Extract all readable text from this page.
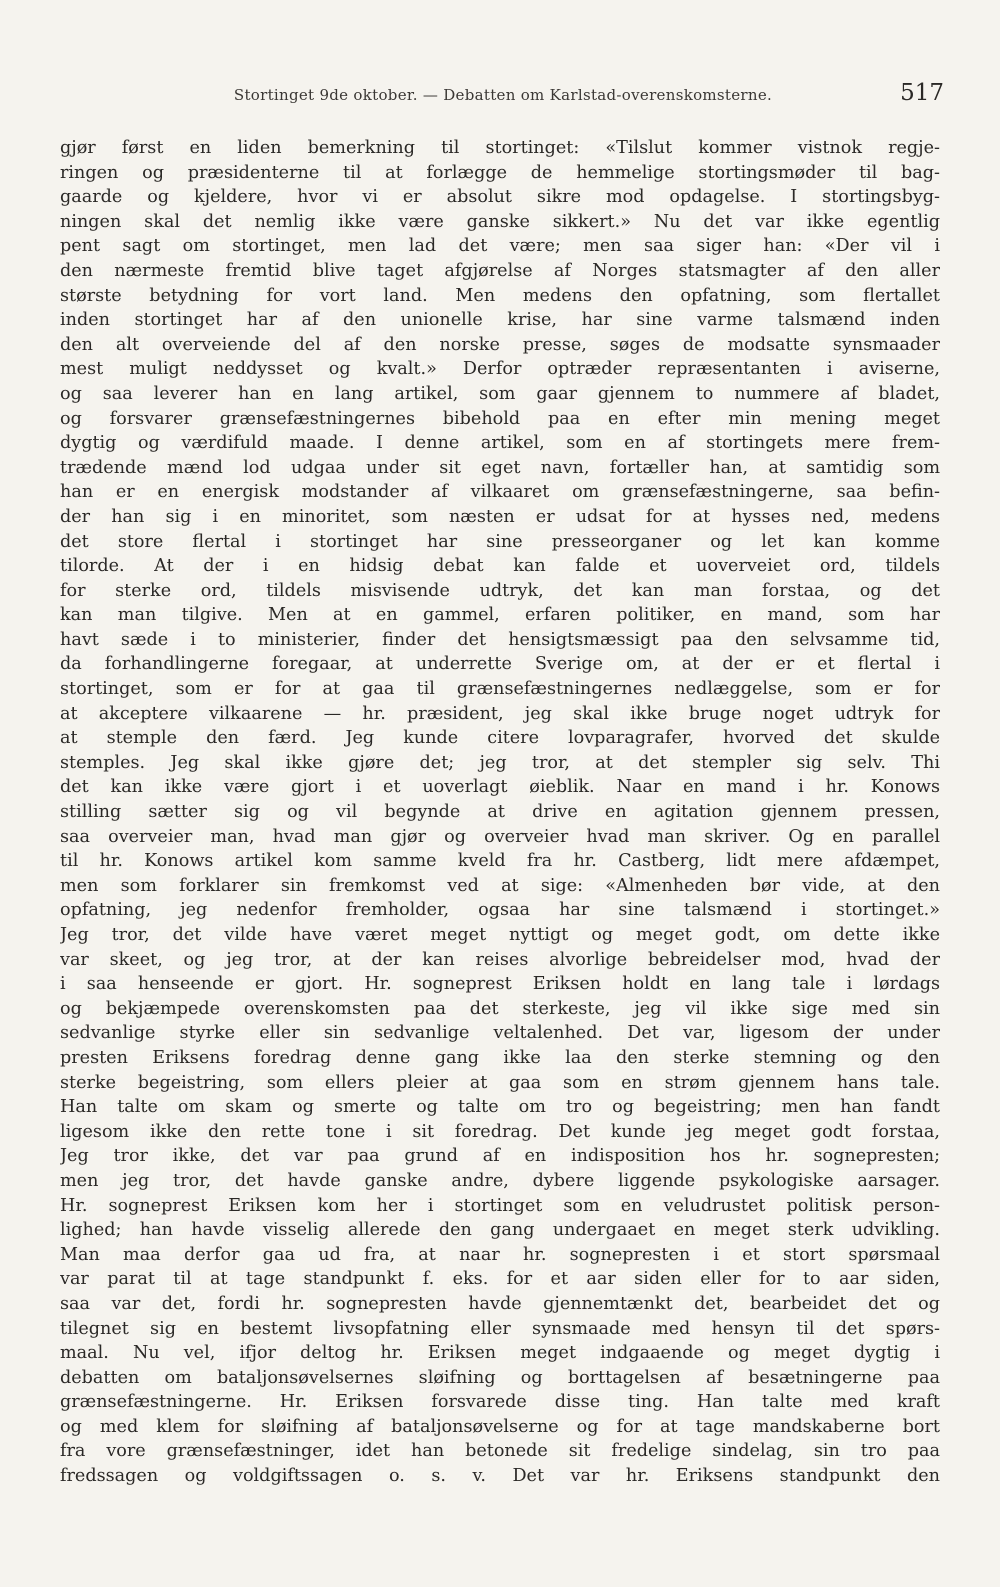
Stortinget 9de oktober. — Debatten om Karlstad-overenskomsterne.	517
gjør først en liden bemerkning til stortinget: «Tilslut kommer vistnok regje-
ringen og præsidenterne til at forlægge de hemmelige stortingsmøder til bag-
gaarde og kjeldere, hvor vi er absolut sikre mod opdagelse. I stortingsbyg-
ningen skal det nemlig ikke være ganske sikkert.» Nu det var ikke egentlig
pent sagt om stortinget, men lad det være; men saa siger han: «Der vil i
den nærmeste fremtid blive taget afgjørelse af Norges statsmagter af den aller
største betydning for vort land. Men medens den opfatning, som flertallet
inden stortinget har af den unionelle krise, har sine varme talsmænd inden
den alt overveiende del af den norske presse, søges de modsatte synsmaader
mest muligt neddysset og kvalt.» Derfor optræder repræsentanten i aviserne,
og saa leverer han en lang artikel, som gaar gjennem to nummere af bladet,
og forsvarer grænsefæstningernes bibehold paa en efter min mening meget
dygtig og værdifuld maade. I denne artikel, som en af stortingets mere frem-
trædende mænd lod udgaa under sit eget navn, fortæller han, at samtidig som
han er en energisk modstander af vilkaaret om grænsefæstningerne, saa befin-
der han sig i en minoritet, som næsten er udsat for at hysses ned, medens
det store flertal i stortinget har sine presseorganer og let kan komme
tilorde. At der i en hidsig debat kan falde et uoverveiet ord, tildels
for sterke ord, tildels misvisende udtryk, det kan man forstaa, og det
kan man tilgive. Men at en gammel, erfaren politiker, en mand, som har
havt sæde i to ministerier, finder det hensigtsmæssigt paa den selvsamme tid,
da forhandlingerne foregaar, at underrette Sverige om, at der er et flertal i
stortinget, som er for at gaa til grænsefæstningernes nedlæggelse, som er for
at akceptere vilkaarene — hr. præsident, jeg skal ikke bruge noget udtryk for
at stemple den færd. Jeg kunde citere lovparagrafer, hvorved det skulde
stemples. Jeg skal ikke gjøre det; jeg tror, at det stempler sig selv. Thi
det kan ikke være gjort i et uoverlagt øieblik. Naar en mand i hr. Konows
stilling sætter sig og vil begynde at drive en agitation gjennem pressen,
saa overveier man, hvad man gjør og overveier hvad man skriver. Og en parallel
til hr. Konows artikel kom samme kveld fra hr. Castberg, lidt mere afdæmpet,
men som forklarer sin fremkomst ved at sige: «Almenheden bør vide, at den
opfatning, jeg nedenfor fremholder, ogsaa har sine talsmænd i stortinget.»
Jeg tror, det vilde have været meget nyttigt og meget godt, om dette ikke
var skeet, og jeg tror, at der kan reises alvorlige bebreidelser mod, hvad der
i saa henseende er gjort. Hr. sogneprest Eriksen holdt en lang tale i lørdags
og bekjæmpede overenskomsten paa det sterkeste, jeg vil ikke sige med sin
sedvanlige styrke eller sin sedvanlige veltalenhed. Det var, ligesom der under
presten Eriksens foredrag denne gang ikke laa den sterke stemning og den
sterke begeistring, som ellers pleier at gaa som en strøm gjennem hans tale.
Han talte om skam og smerte og talte om tro og begeistring; men han fandt
ligesom ikke den rette tone i sit foredrag. Det kunde jeg meget godt forstaa,
Jeg tror ikke, det var paa grund af en indisposition hos hr. sognepresten;
men jeg tror, det havde ganske andre, dybere liggende psykologiske aarsager.
Hr. sogneprest Eriksen kom her i stortinget som en veludrustet politisk person-
lighed; han havde visselig allerede den gang undergaaet en meget sterk udvikling.
Man maa derfor gaa ud fra, at naar hr. sognepresten i et stort spørsmaal
var parat til at tage standpunkt f. eks. for et aar siden eller for to aar siden,
saa var det, fordi hr. sognepresten havde gjennemtænkt det, bearbeidet det og
tilegnet sig en bestemt livsopfatning eller synsmaade med hensyn til det spørs-
maal. Nu vel, ifjor deltog hr. Eriksen meget indgaaende og meget dygtig i
debatten om bataljonsøvelsernes sløifning og borttagelsen af besætningerne paa
grænsefæstningerne. Hr. Eriksen forsvarede disse ting. Han talte med kraft
og med klem for sløifning af bataljonsøvelserne og for at tage mandskaberne bort
fra vore grænsefæstninger, idet han betonede sit fredelige sindelag, sin tro paa
fredssagen og voldgiftssagen o. s. v. Det var hr. Eriksens standpunkt den
